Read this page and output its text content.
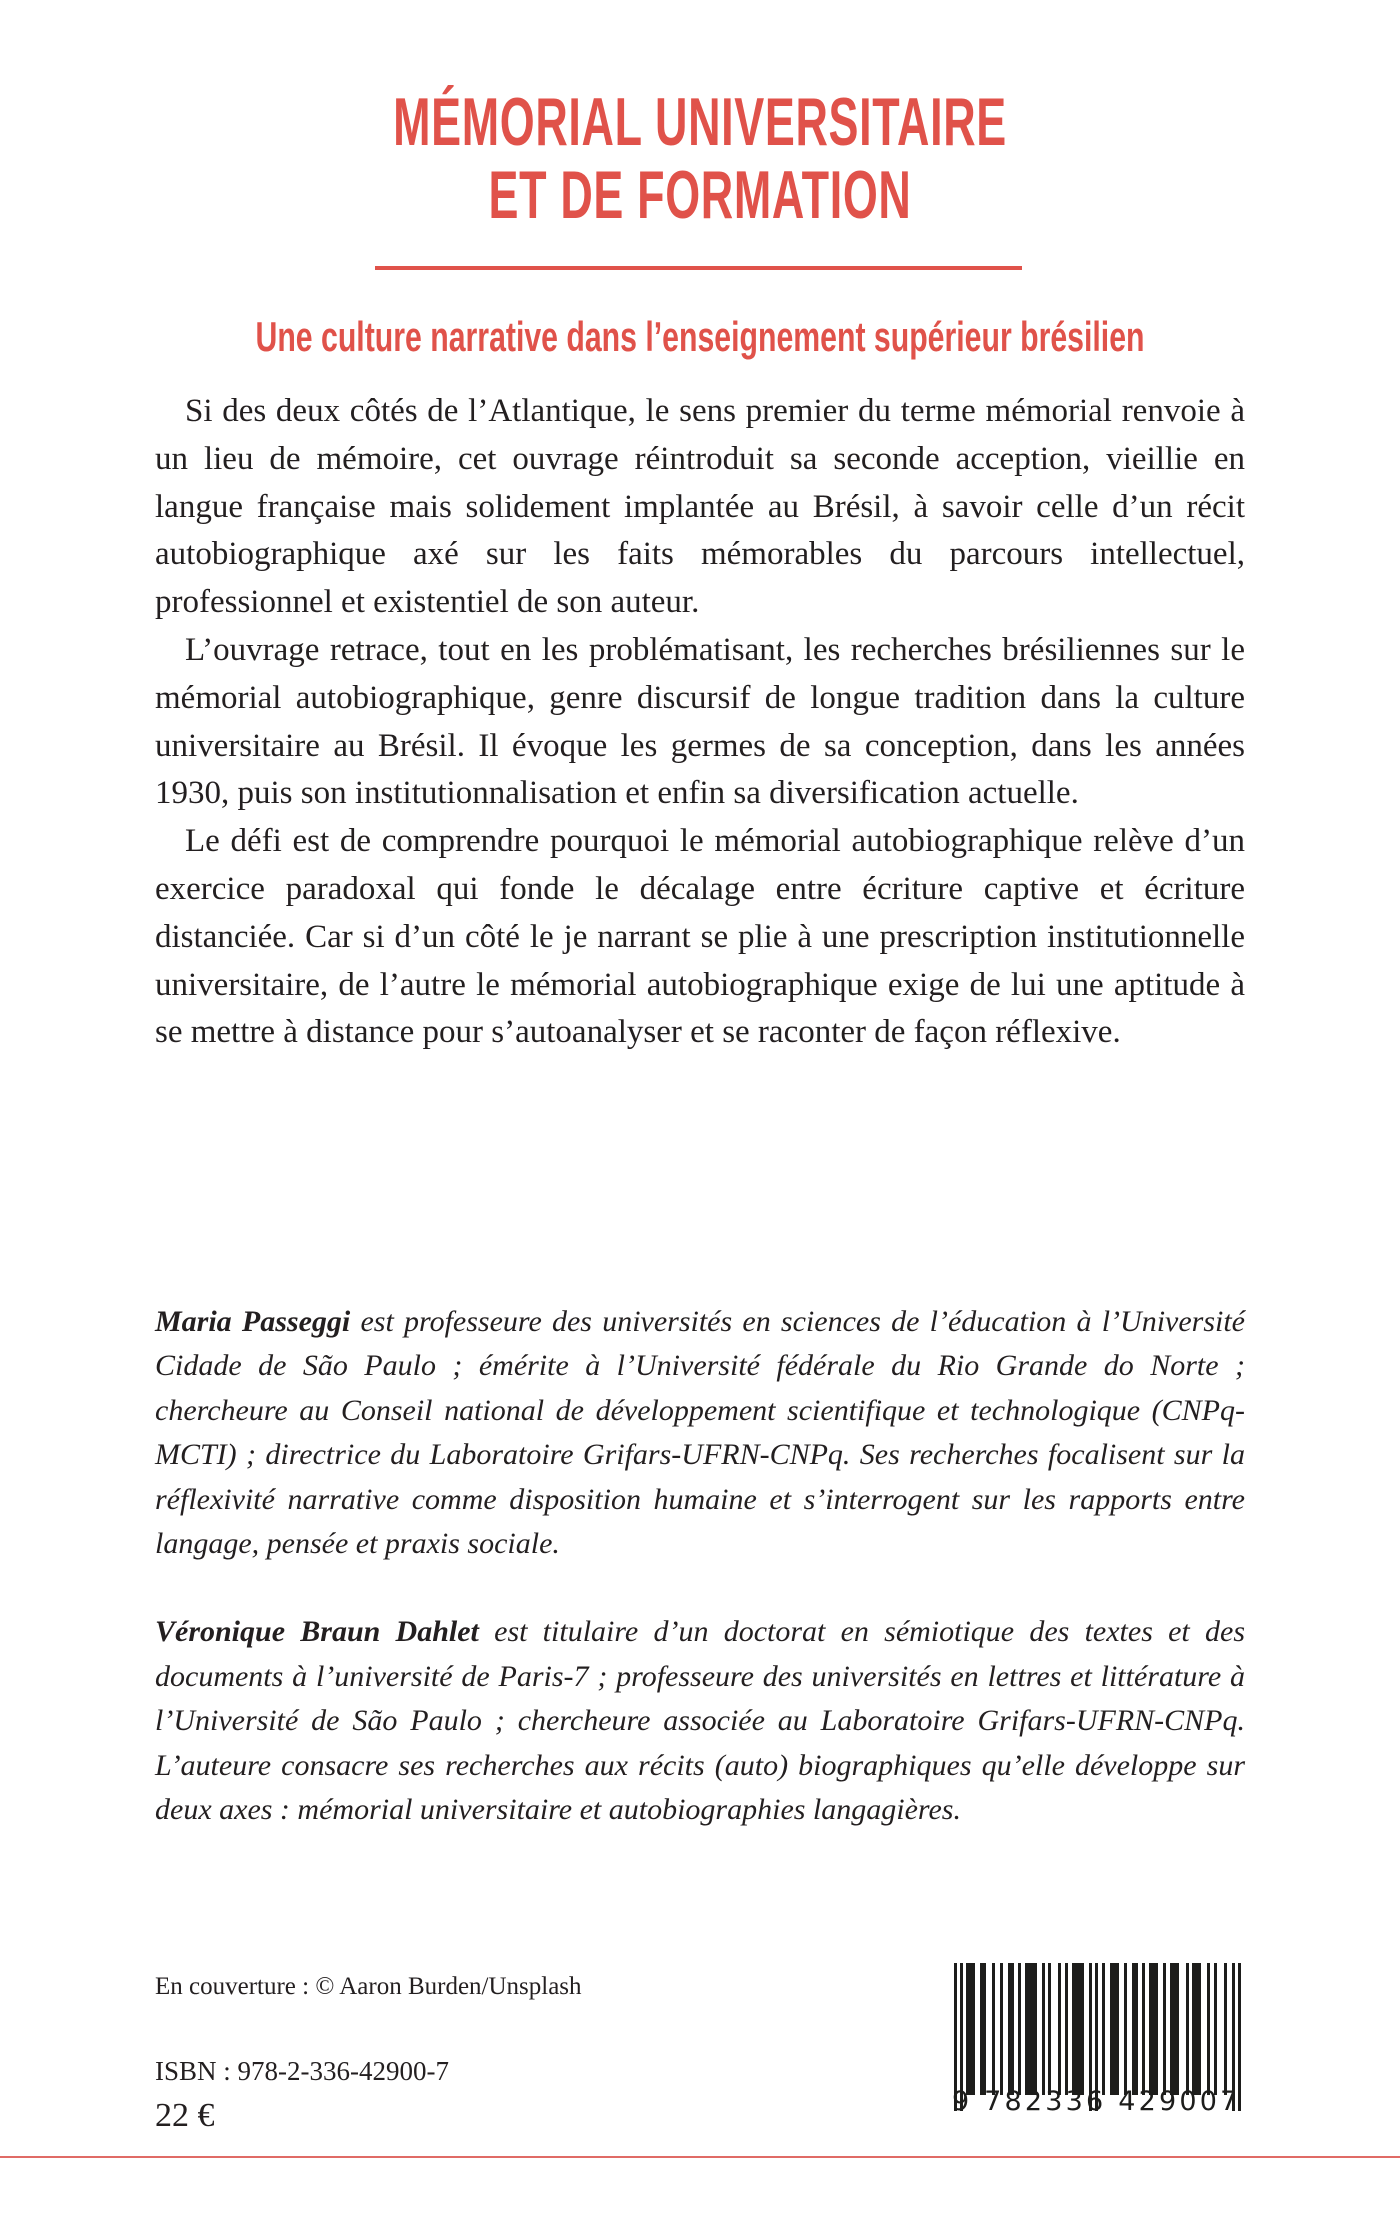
MÉMORIAL UNIVERSITAIRE
ET DE FORMATION
Une culture narrative dans l’enseignement supérieur brésilien

Si des deux côtés de l’Atlantique, le sens premier du terme mémorial renvoie à un lieu de mémoire, cet ouvrage réintroduit sa seconde acception, vieillie en langue française mais solidement implantée au Brésil, à savoir celle d’un récit autobiographique axé sur les faits mémorables du parcours intellectuel, professionnel et existentiel de son auteur.

L’ouvrage retrace, tout en les problématisant, les recherches brésiliennes sur le mémorial autobiographique, genre discursif de longue tradition dans la culture universitaire au Brésil. Il évoque les germes de sa conception, dans les années 1930, puis son institutionnalisation et enfin sa diversification actuelle.

Le défi est de comprendre pourquoi le mémorial autobiographique relève d’un exercice paradoxal qui fonde le décalage entre écriture captive et écriture distanciée. Car si d’un côté le je narrant se plie à une prescription institutionnelle universitaire, de l’autre le mémorial autobiographique exige de lui une aptitude à se mettre à distance pour s’autoanalyser et se raconter de façon réflexive.

Maria Passeggi est professeure des universités en sciences de l’éducation à l’Université Cidade de São Paulo ; émérite à l’Université fédérale du Rio Grande do Norte ; chercheure au Conseil national de développement scientifique et technologique (CNPq-MCTI) ; directrice du Laboratoire Grifars-UFRN-CNPq. Ses recherches focalisent sur la réflexivité narrative comme disposition humaine et s’interrogent sur les rapports entre langage, pensée et praxis sociale.

Véronique Braun Dahlet est titulaire d’un doctorat en sémiotique des textes et des documents à l’université de Paris-7 ; professeure des universités en lettres et littérature à l’Université de São Paulo ; chercheure associée au Laboratoire Grifars-UFRN-CNPq. L’auteure consacre ses recherches aux récits (auto) biographiques qu’elle développe sur deux axes : mémorial universitaire et autobiographies langagières.

En couverture : © Aaron Burden/Unsplash
ISBN : 978-2-336-42900-7
22 €	9 782336 429007
